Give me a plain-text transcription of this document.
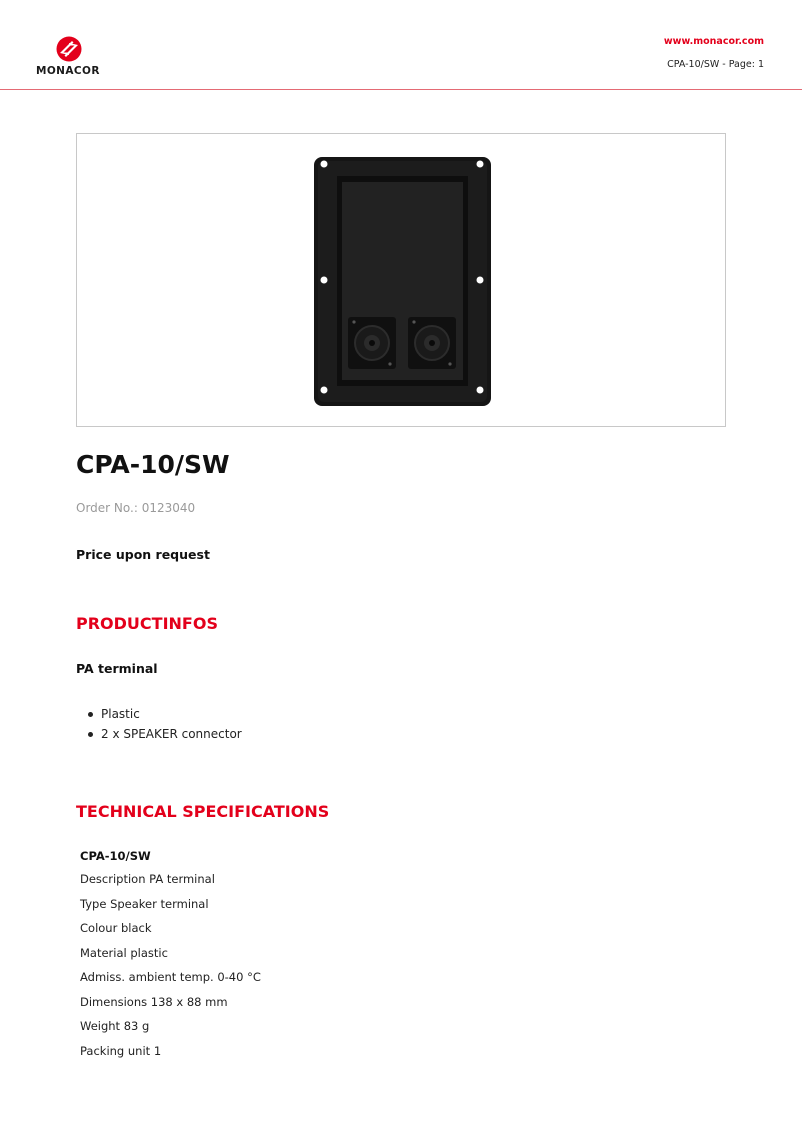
MONACOR
www.monacor.com
CPA-10/SW - Page: 1
CPA-10/SW
Order No.: 0123040
Price upon request
PRODUCTINFOS
PA terminal
Plastic
2 x SPEAKER connector
TECHNICAL SPECIFICATIONS
CPA-10/SW
Description PA terminal
Type Speaker terminal
Colour black
Material plastic
Admiss. ambient temp. 0-40 °C
Dimensions 138 x 88 mm
Weight 83 g
Packing unit 1
